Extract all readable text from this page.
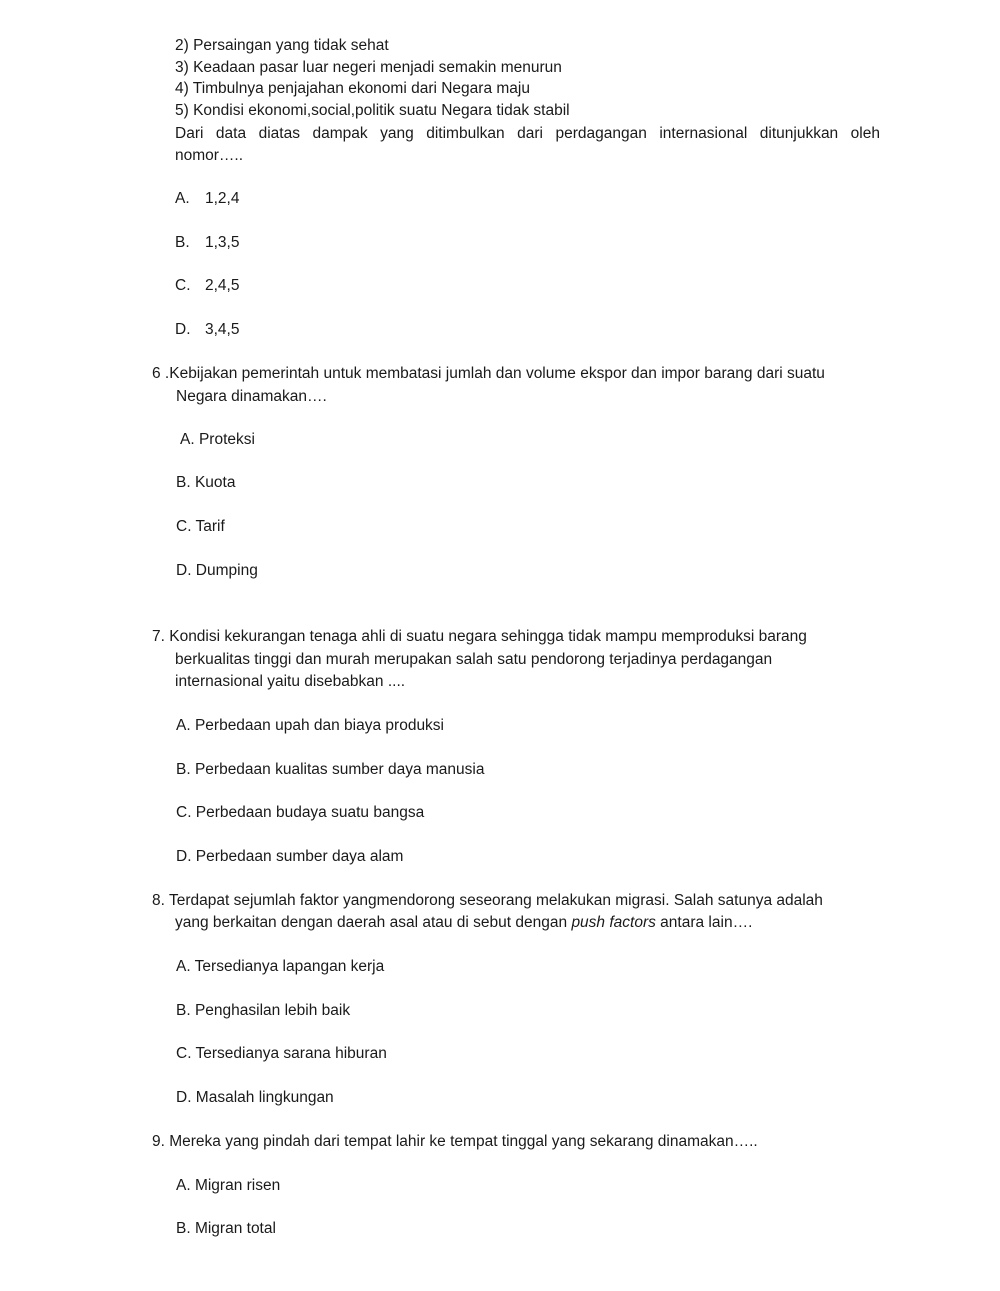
2) Persaingan yang tidak sehat
3) Keadaan pasar luar negeri menjadi semakin menurun
4) Timbulnya penjajahan ekonomi dari Negara maju
5) Kondisi ekonomi,social,politik suatu Negara tidak stabil
Dari data diatas dampak yang ditimbulkan dari perdagangan internasional ditunjukkan oleh
nomor…..
A. 1,2,4
B. 1,3,5
C. 2,4,5
D. 3,4,5
6 .Kebijakan pemerintah untuk membatasi jumlah dan volume ekspor dan impor barang dari suatu
Negara dinamakan….
A. Proteksi
B. Kuota
C. Tarif
D. Dumping
7. Kondisi kekurangan tenaga ahli di suatu negara sehingga tidak mampu memproduksi barang
berkualitas tinggi dan murah merupakan salah satu pendorong terjadinya perdagangan
internasional yaitu disebabkan ....
A. Perbedaan upah dan biaya produksi
B. Perbedaan kualitas sumber daya manusia
C. Perbedaan budaya suatu bangsa
D. Perbedaan sumber daya alam
8. Terdapat sejumlah faktor yangmendorong seseorang melakukan migrasi. Salah satunya adalah
yang berkaitan dengan daerah asal atau di sebut dengan push factors antara lain….
A. Tersedianya lapangan kerja
B. Penghasilan lebih baik
C. Tersedianya sarana hiburan
D. Masalah lingkungan
9. Mereka yang pindah dari tempat lahir ke tempat tinggal yang sekarang dinamakan…..
A. Migran risen
B. Migran total
